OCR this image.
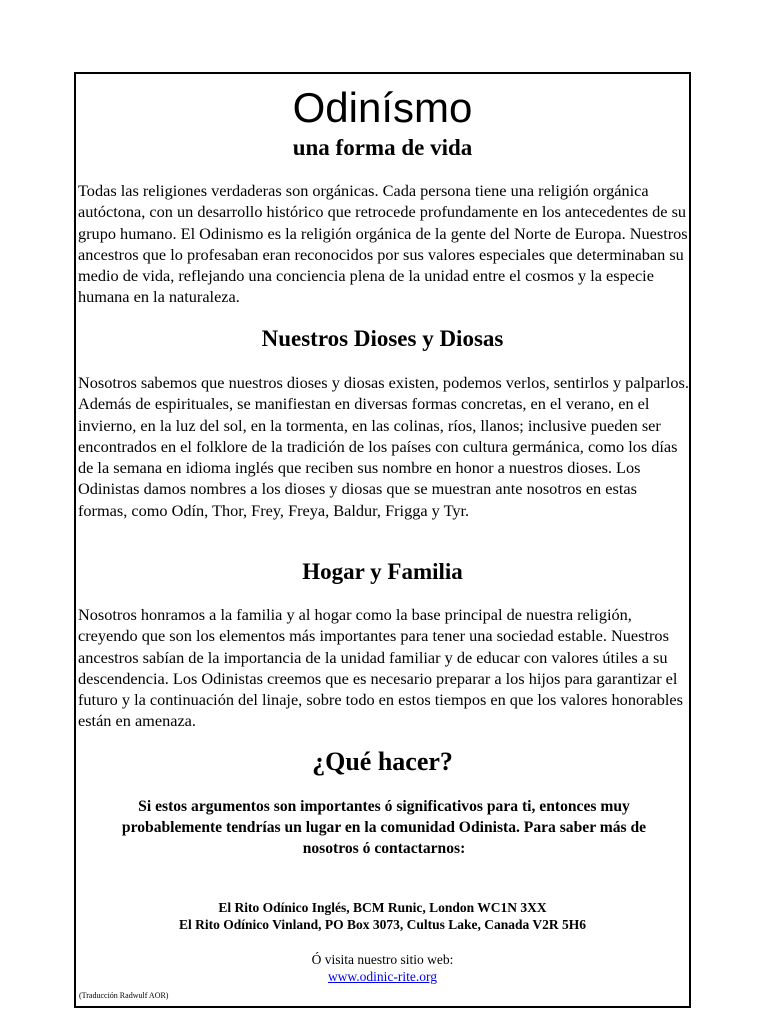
Odinísmo
una forma de vida
Todas las religiones verdaderas son orgánicas. Cada persona tiene una religión orgánica autóctona, con un desarrollo histórico que retrocede profundamente en los antecedentes de su grupo humano. El Odinismo es la religión orgánica de la gente del Norte de Europa. Nuestros ancestros que lo profesaban eran reconocidos por sus valores especiales que determinaban su medio de vida, reflejando una conciencia plena de la unidad entre el cosmos y la especie humana en la naturaleza.
Nuestros Dioses y Diosas
Nosotros sabemos que nuestros dioses y diosas existen, podemos verlos, sentirlos y palparlos. Además de espirituales, se manifiestan en diversas formas concretas, en el verano, en el invierno, en la luz del sol, en la tormenta, en las colinas, ríos, llanos; inclusive pueden ser encontrados en el folklore de la tradición de los países con cultura germánica, como los días de la semana en idioma inglés que reciben sus nombre en honor a nuestros dioses. Los Odinistas damos nombres a los dioses y diosas que se muestran ante nosotros en estas formas, como Odín, Thor, Frey, Freya, Baldur, Frigga y Tyr.
Hogar y Familia
Nosotros honramos a la familia y al hogar como la base principal de nuestra religión, creyendo que son los elementos más importantes para tener una sociedad estable. Nuestros ancestros sabían de la importancia de la unidad familiar y de educar con valores útiles a su descendencia. Los Odinistas creemos que es necesario preparar a los hijos para garantizar el futuro y la continuación del linaje, sobre todo en estos tiempos en que los valores honorables están en amenaza.
¿Qué hacer?
Si estos argumentos son importantes ó significativos para ti, entonces muy probablemente tendrías un lugar en la comunidad Odinista. Para saber más de nosotros ó contactarnos:
El Rito Odínico Inglés, BCM Runic, London WC1N 3XX
El Rito Odínico Vinland, PO Box 3073, Cultus Lake, Canada V2R 5H6
Ó visita nuestro sitio web:
www.odinic-rite.org
(Traducción Radwulf AOR)
